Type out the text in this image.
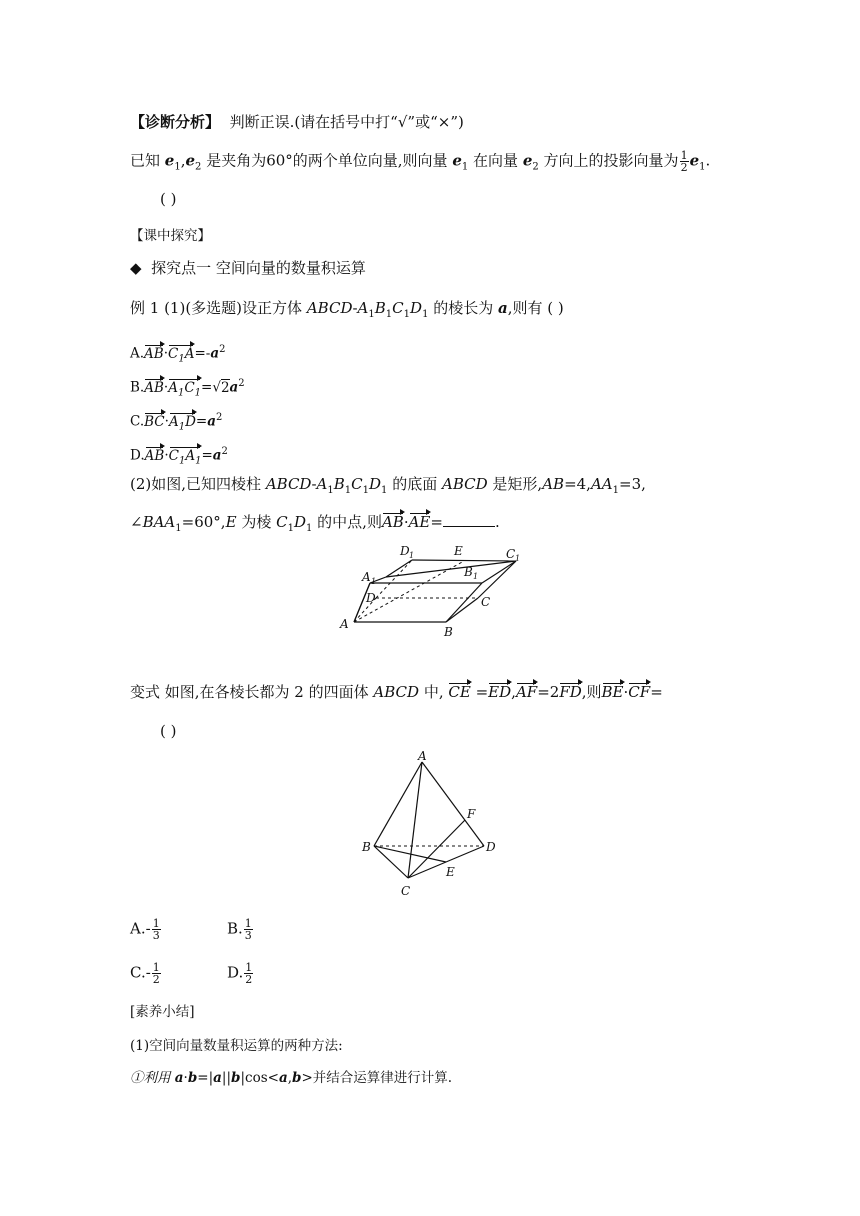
【诊断分析】 判断正误.(请在括号中打“√”或“×”)
已知 $e_1,e_2$ 是夹角为60°的两个单位向量,则向量 $e_1$ 在向量 $e_2$ 方向上的投影向量为 $\frac{1}{2} e_1$.
( )
【课中探究】
◆ 探究点一 空间向量的数量积运算
例 1 (1)(多选题)设正方体 ABCD-$A_1B_1C_1D_1$ 的棱长为 a,则有 ( )
$A.AB\cdot C_1A=-a^2$
$B.AB\cdot A_1C_1=√2a^2$
$C.BC\cdot A_1D=a^2$
$D.AB\cdot C_1A_1=a^2$
(2)如图,已知四棱柱 ABCD-$A_1B_1C_1D_1$ 的底面 ABCD 是矩形$,AB=4,AA_1=3$,
$\angle BAA_1=60^\circ,E$ 为棱 $C_1D_1$ 的中点,则AB·AE=	.
A
B
C
D
A 1
B 1
C 1
D 1	E
变式 如图,在各棱长都为 2 的四面体 ABCD 中, CE =ED,AF=2FD,则BE·CF=
( )
A
B
C
D
E
F
$A.- \frac{1}{3}$	B. $\frac{1}{3}$
$C.- \frac{1}{2}$	D. $\frac{1}{2}$
[素养小结]
(1)空间向量数量积运算的两种方法:
①利用 a·b=|a||b|cos<a,b>并结合运算律进行计算.
